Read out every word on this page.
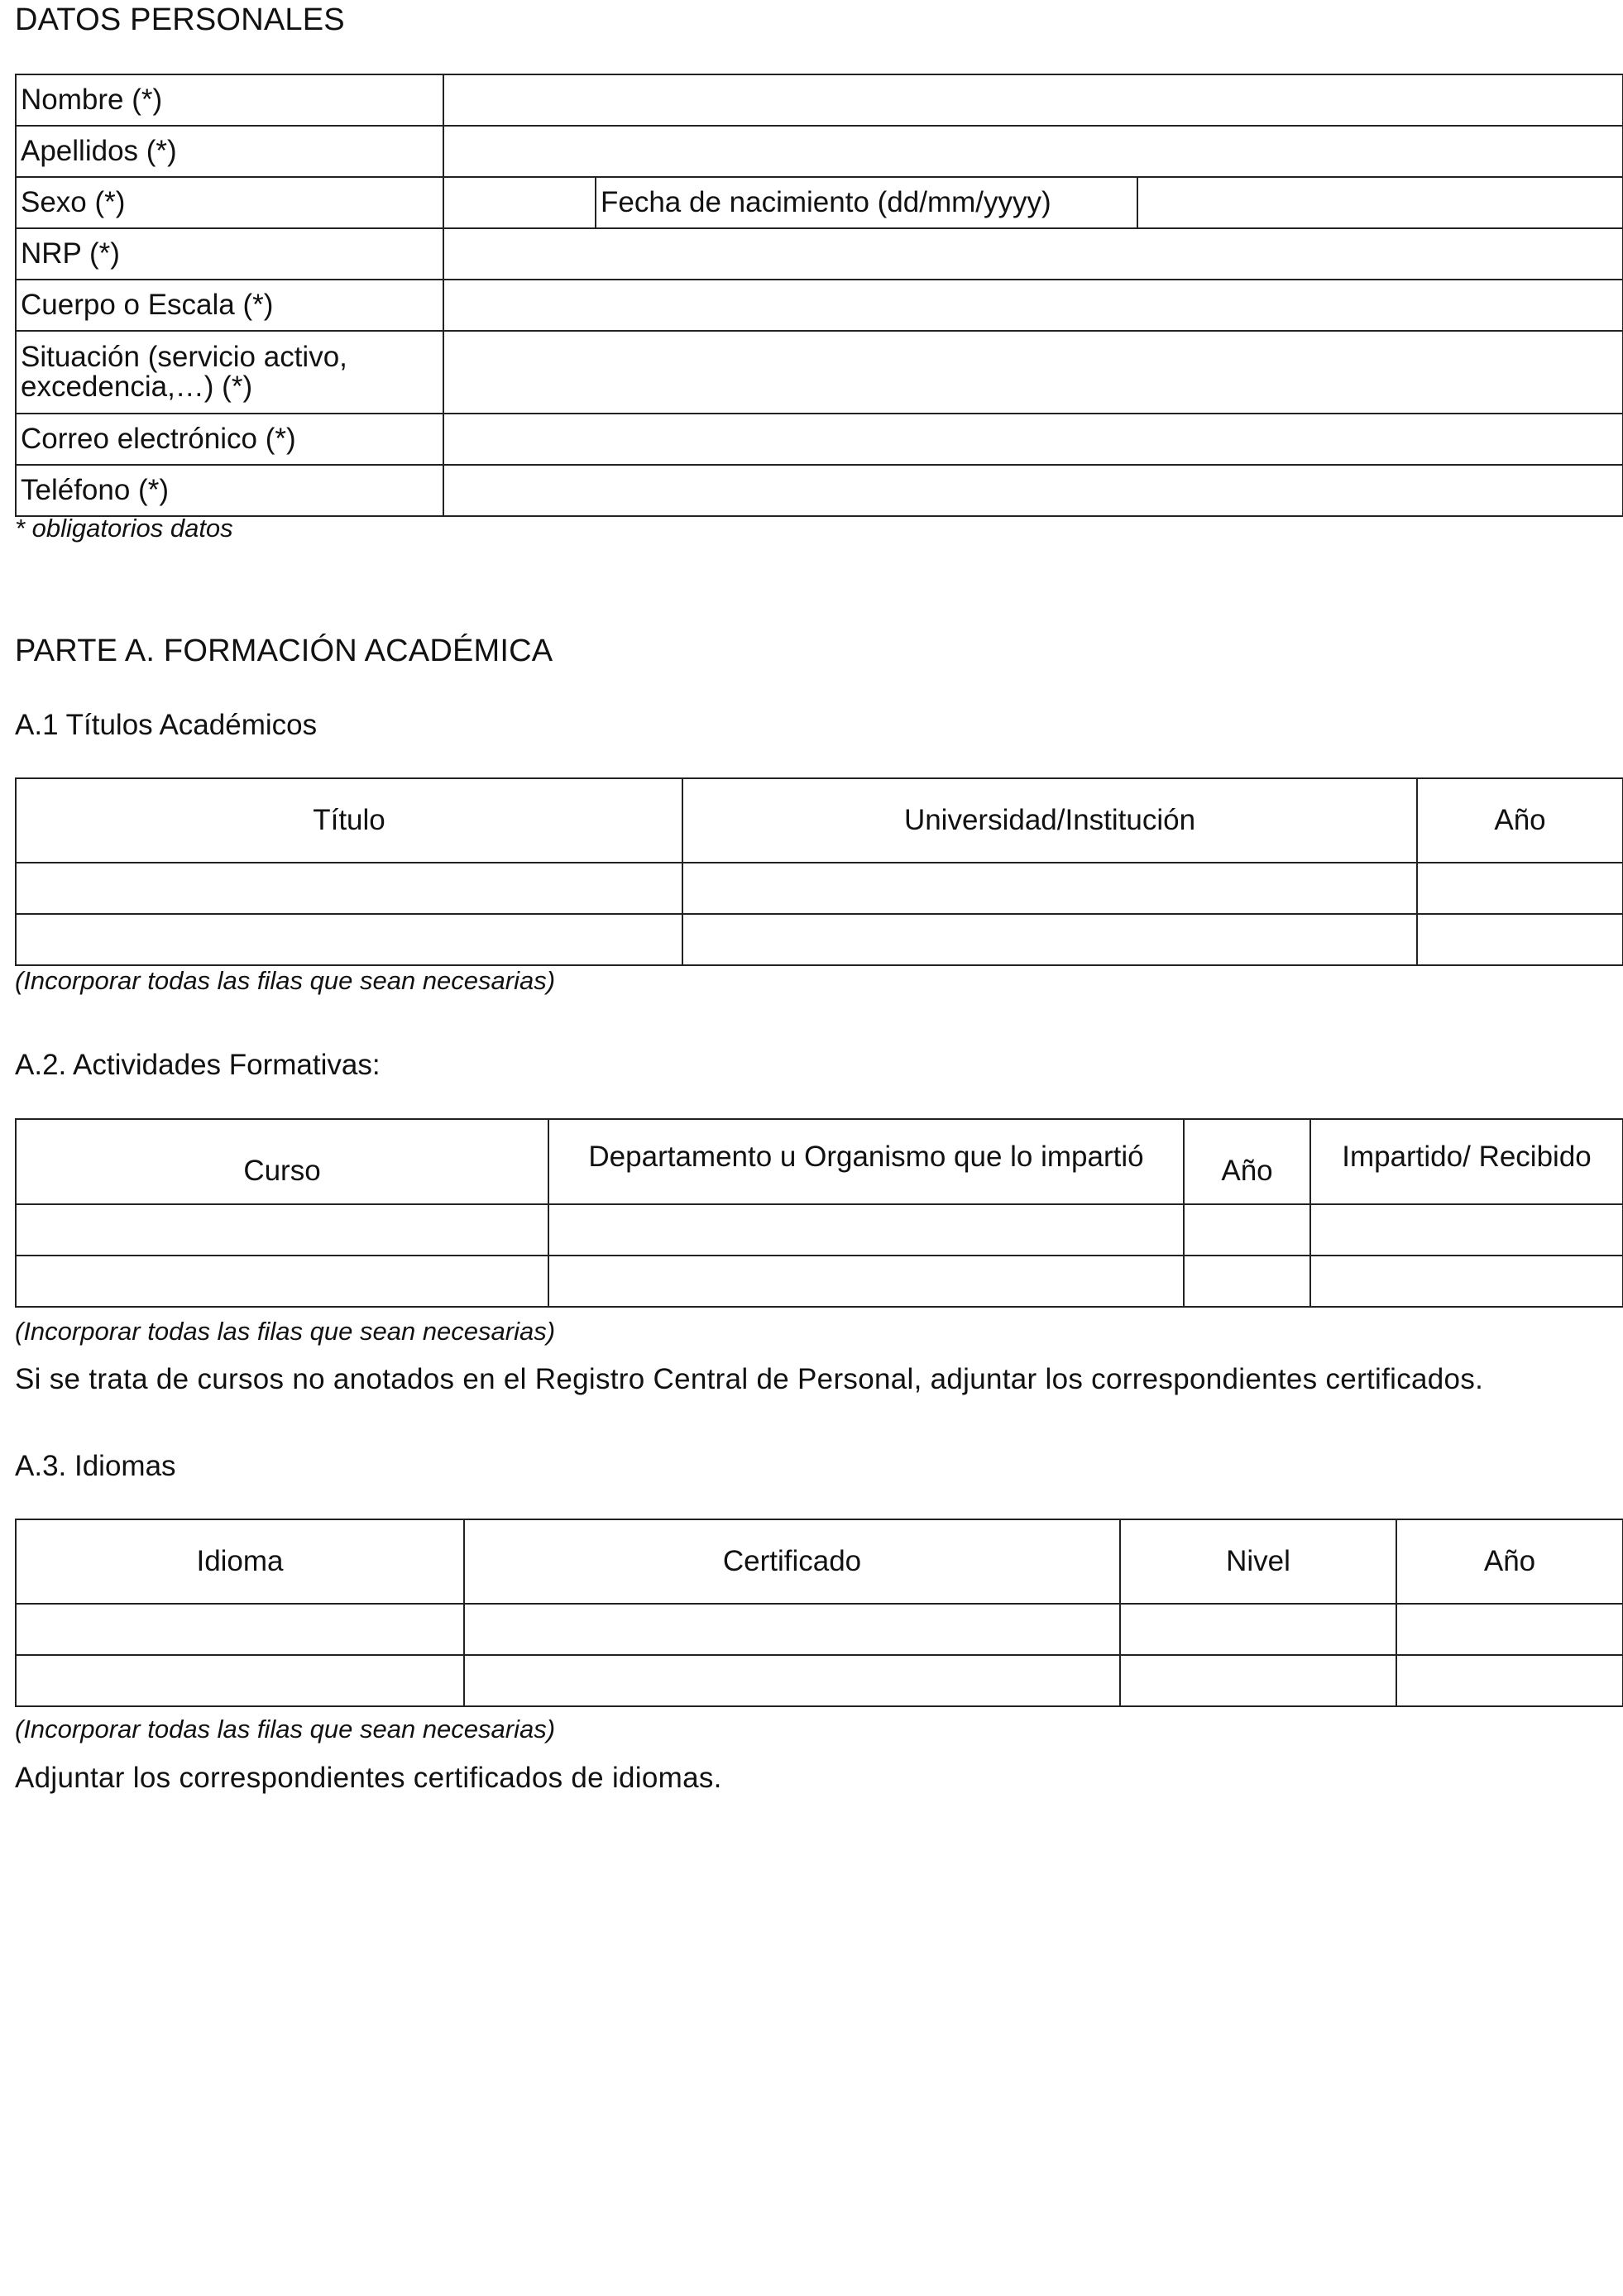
DATOS PERSONALES
Nombre (*)			
Apellidos (*)			
Sexo (*)		Fecha de nacimiento (dd/mm/yyyy)	
NRP (*)			
Cuerpo o Escala (*)			

Situación (servicio activo,
excedencia,…) (*)			

Correo electrónico (*)			
Teléfono (*)			
* obligatorios datos
PARTE A. FORMACIÓN ACADÉMICA
A.1 Títulos Académicos
Título	Universidad/Institución	Año

(Incorporar todas las filas que sean necesarias)
A.2. Actividades Formativas:
Curso	Departamento u Organismo que lo impartió	Año	Impartido/ Recibido

(Incorporar todas las filas que sean necesarias)
Si se trata de cursos no anotados en el Registro Central de Personal, adjuntar los correspondientes certificados.
A.3. Idiomas
Idioma	Certificado	Nivel	Año

(Incorporar todas las filas que sean necesarias)
Adjuntar los correspondientes certificados de idiomas.
